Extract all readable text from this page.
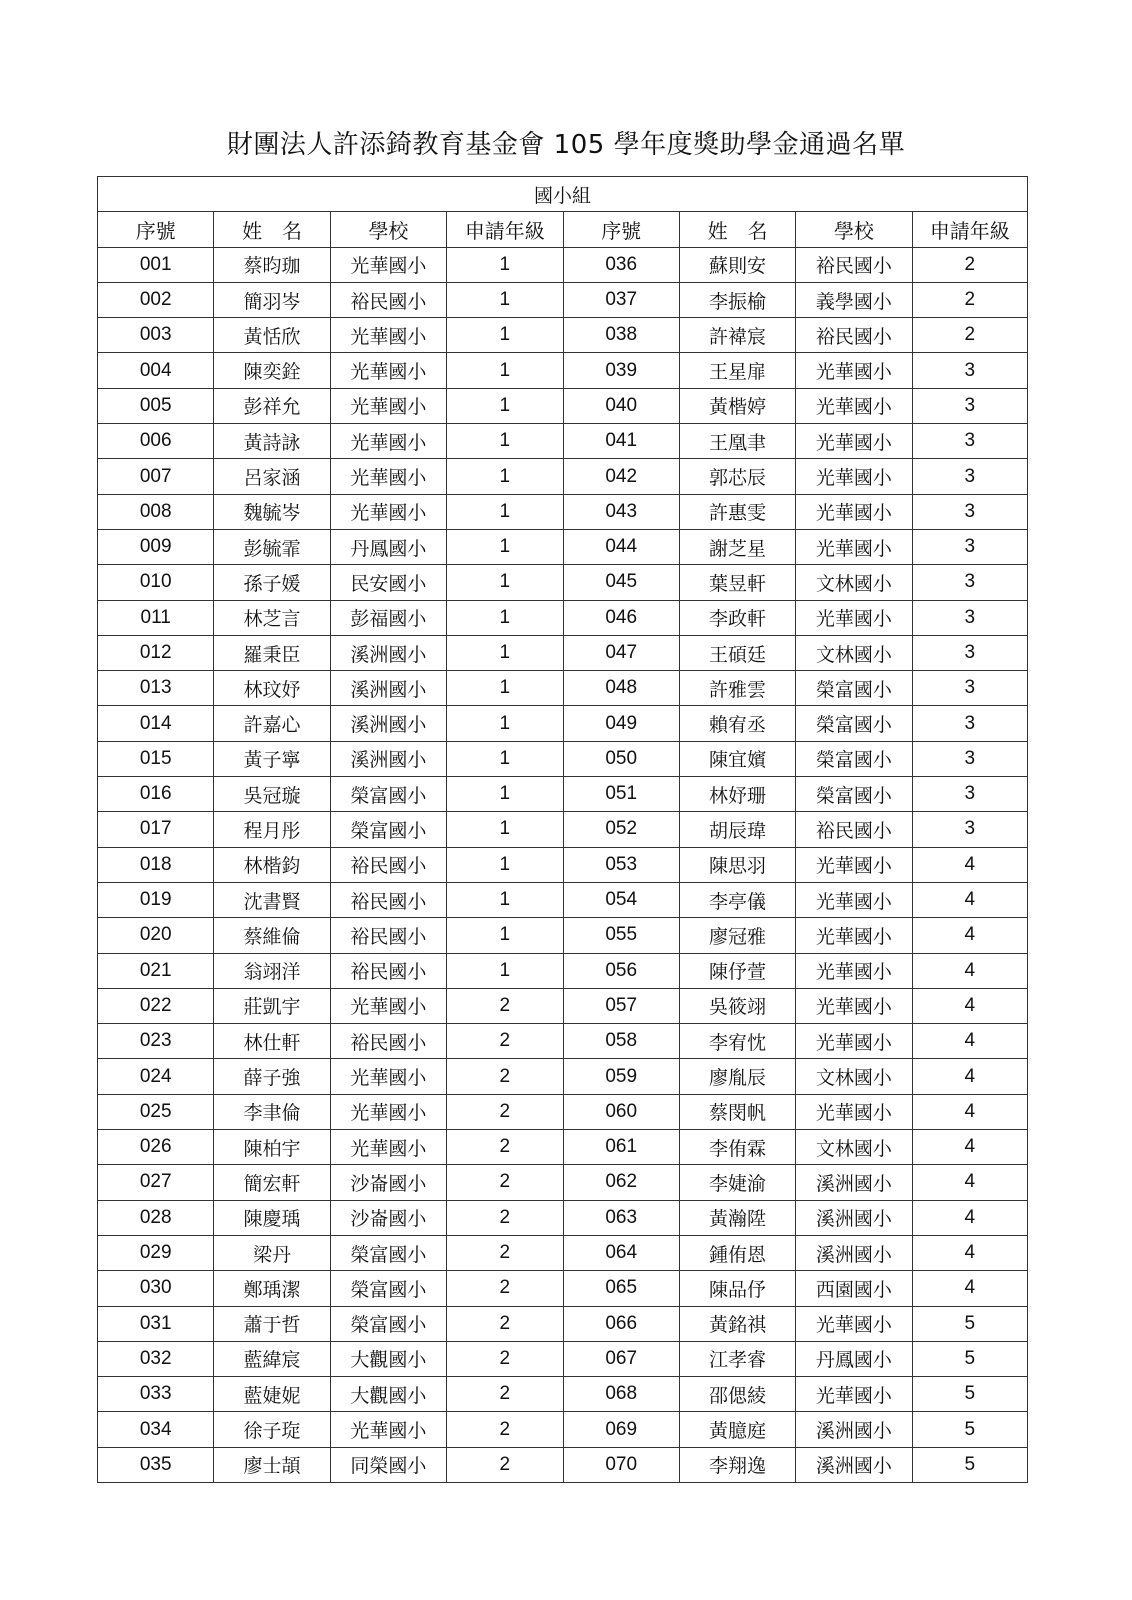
財團法人許添錡教育基金會 105 學年度獎助學金通過名單
國小組							
序號	姓　名	學校	申請年級	序號	姓　名	學校	申請年級
001	蔡昀珈	光華國小	1	036	蘇則安	裕民國小	2
002	簡羽岑	裕民國小	1	037	李振榆	義學國小	2
003	黃恬欣	光華國小	1	038	許褘宸	裕民國小	2
004	陳奕銓	光華國小	1	039	王星扉	光華國小	3
005	彭祥允	光華國小	1	040	黃楷婷	光華國小	3
006	黃詩詠	光華國小	1	041	王凰聿	光華國小	3
007	呂家涵	光華國小	1	042	郭芯辰	光華國小	3
008	魏毓岑	光華國小	1	043	許惠雯	光華國小	3
009	彭毓霏	丹鳳國小	1	044	謝芝星	光華國小	3
010	孫子媛	民安國小	1	045	葉昱軒	文林國小	3
011	林芝言	彭福國小	1	046	李政軒	光華國小	3
012	羅秉臣	溪洲國小	1	047	王碩廷	文林國小	3
013	林玟妤	溪洲國小	1	048	許雅雲	榮富國小	3
014	許嘉心	溪洲國小	1	049	賴宥丞	榮富國小	3
015	黃子寧	溪洲國小	1	050	陳宜嬪	榮富國小	3
016	吳冠璇	榮富國小	1	051	林妤珊	榮富國小	3
017	程月彤	榮富國小	1	052	胡辰瑋	裕民國小	3
018	林楷鈞	裕民國小	1	053	陳思羽	光華國小	4
019	沈書賢	裕民國小	1	054	李亭儀	光華國小	4
020	蔡維倫	裕民國小	1	055	廖冠雅	光華國小	4
021	翁翊洋	裕民國小	1	056	陳伃萱	光華國小	4
022	莊凱宇	光華國小	2	057	吳筱翊	光華國小	4
023	林仕軒	裕民國小	2	058	李宥忱	光華國小	4
024	薛子強	光華國小	2	059	廖胤辰	文林國小	4
025	李聿倫	光華國小	2	060	蔡閔帆	光華國小	4
026	陳柏宇	光華國小	2	061	李侑霖	文林國小	4
027	簡宏軒	沙崙國小	2	062	李婕渝	溪洲國小	4
028	陳慶瑀	沙崙國小	2	063	黃瀚陞	溪洲國小	4
029	梁丹	榮富國小	2	064	鍾侑恩	溪洲國小	4
030	鄭瑀潔	榮富國小	2	065	陳品伃	西園國小	4
031	蕭于哲	榮富國小	2	066	黃銘祺	光華國小	5
032	藍緯宸	大觀國小	2	067	江孝睿	丹鳳國小	5
033	藍婕妮	大觀國小	2	068	邵偲綾	光華國小	5
034	徐子琁	光華國小	2	069	黃臆庭	溪洲國小	5
035	廖士頡	同榮國小	2	070	李翔逸	溪洲國小	5
